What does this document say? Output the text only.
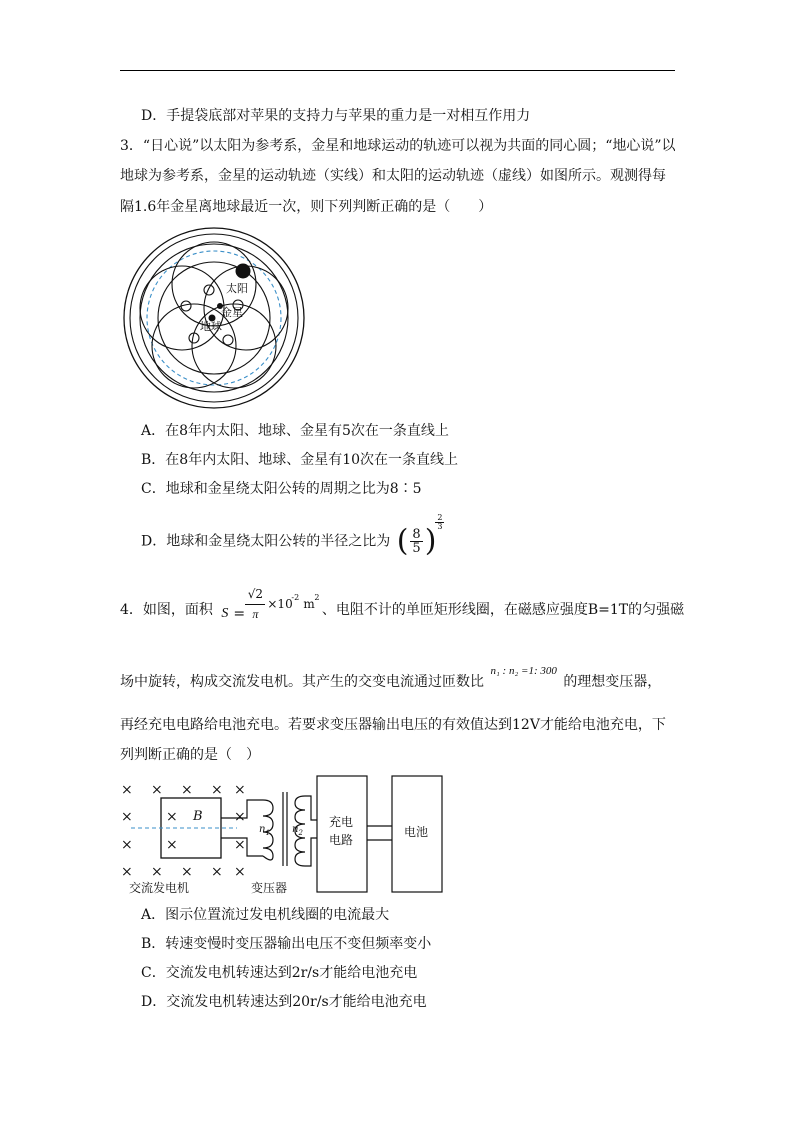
D．手提袋底部对苹果的支持力与苹果的重力是一对相互作用力
3．“日心说”以太阳为参考系，金星和地球运动的轨迹可以视为共面的同心圆；“地心说”以
地球为参考系，金星的运动轨迹（实线）和太阳的运动轨迹（虚线）如图所示。观测得每
隔1.6年金星离地球最近一次，则下列判断正确的是（　　）
太阳
金星
地球
A．在8年内太阳、地球、金星有5次在一条直线上
B．在8年内太阳、地球、金星有10次在一条直线上
C．地球和金星绕太阳公转的周期之比为8∶5
D．地球和金星绕太阳公转的半径之比为 ( $\frac{8}{5}$ )
$\frac{2}{3}$
4．如图，面积 S =
√2
π
×10
-2 m 2
、电阻不计的单匝矩形线圈，在磁感应强度B=1T的匀强磁
场中旋转，构成交流发电机。其产生的交变电流通过匝数比 $^{n_1 : n_2 =1: 300}$ 的理想变压器，
再经充电电路给电池充电。若要求变压器输出电压的有效值达到12V才能给电池充电，下
列判断正确的是（　）
× × × × ×
×	×
×	×
× × × × ×
×
×
B
$n_1$ $n_2$
充电
电路
电池
交流发电机	变压器
A．图示位置流过发电机线圈的电流最大
B．转速变慢时变压器输出电压不变但频率变小
C．交流发电机转速达到2r/s才能给电池充电
D．交流发电机转速达到20r/s才能给电池充电
